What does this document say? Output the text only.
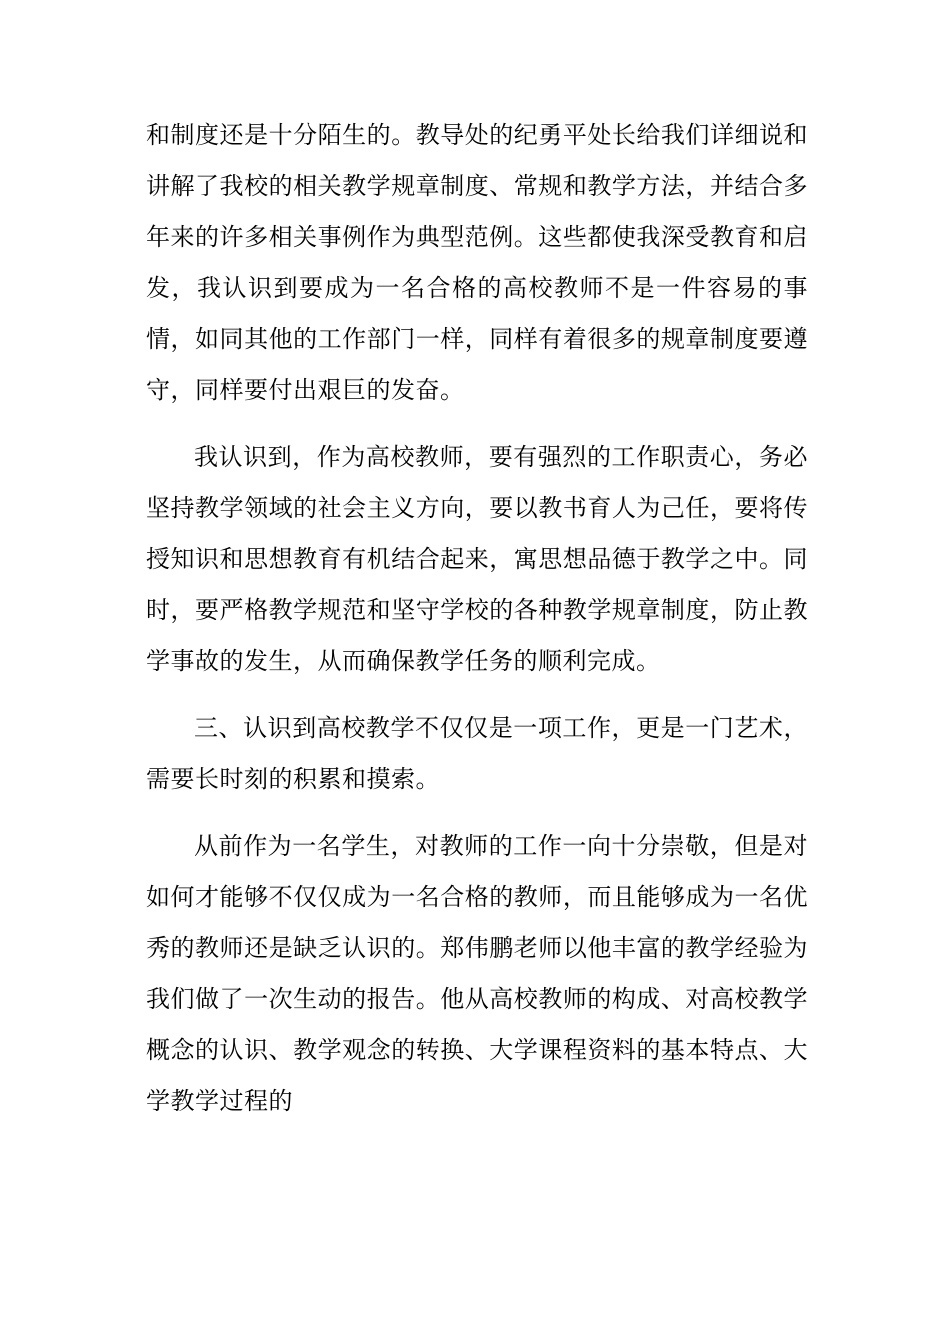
和制度还是十分陌生的。教导处的纪勇平处长给我们详细说和讲解了我校的相关教学规章制度、常规和教学方法，并结合多年来的许多相关事例作为典型范例。这些都使我深受教育和启发，我认识到要成为一名合格的高校教师不是一件容易的事情，如同其他的工作部门一样，同样有着很多的规章制度要遵守，同样要付出艰巨的发奋。

我认识到，作为高校教师，要有强烈的工作职责心，务必坚持教学领域的社会主义方向，要以教书育人为己任，要将传授知识和思想教育有机结合起来，寓思想品德于教学之中。同时，要严格教学规范和坚守学校的各种教学规章制度，防止教学事故的发生，从而确保教学任务的顺利完成。

三、认识到高校教学不仅仅是一项工作，更是一门艺术，需要长时刻的积累和摸索。

从前作为一名学生，对教师的工作一向十分崇敬，但是对如何才能够不仅仅成为一名合格的教师，而且能够成为一名优秀的教师还是缺乏认识的。郑伟鹏老师以他丰富的教学经验为我们做了一次生动的报告。他从高校教师的构成、对高校教学概念的认识、教学观念的转换、大学课程资料的基本特点、大学教学过程的
